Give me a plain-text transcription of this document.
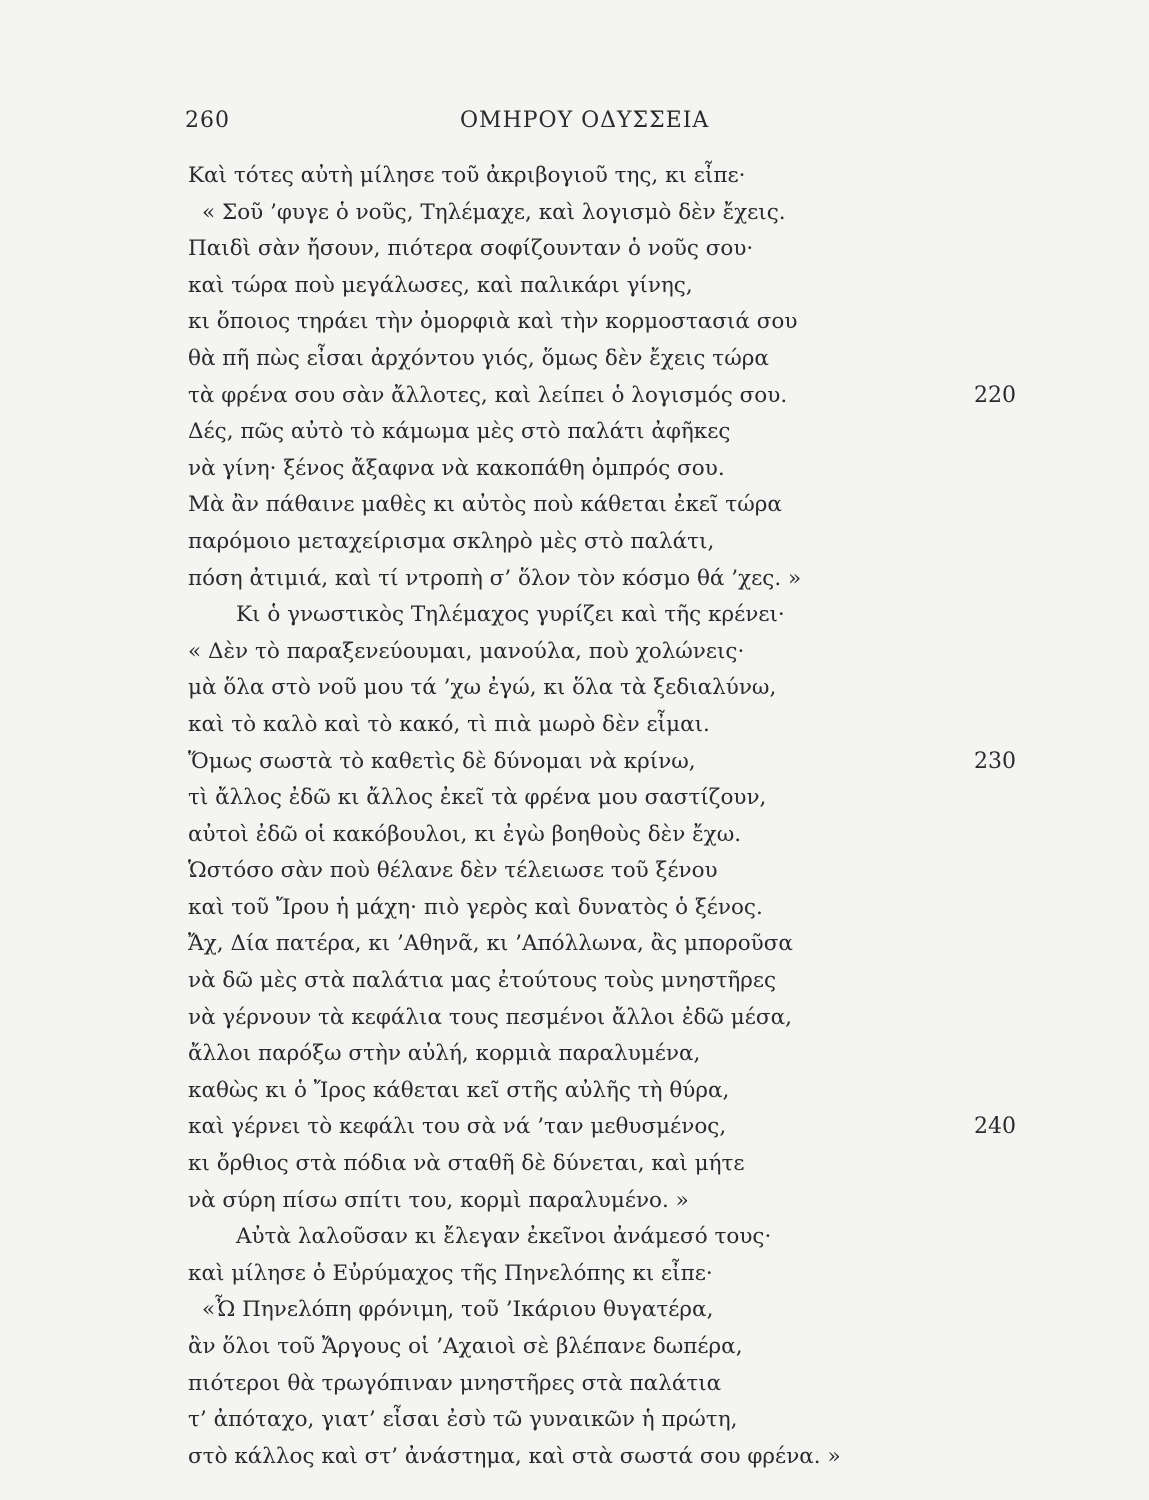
260	ΟΜΗΡΟΥ ΟΔΥΣΣΕΙΑ
Καὶ τότες αὐτὴ μίλησε τοῦ ἀκριβογιοῦ της, κι εἶπε·
« Σοῦ ’φυγε ὁ νοῦς, Τηλέμαχε, καὶ λογισμὸ δὲν ἔχεις.
Παιδὶ σὰν ἤσουν, πιότερα σοφίζουνταν ὁ νοῦς σου·
καὶ τώρα ποὺ μεγάλωσες, καὶ παλικάρι γίνης,
κι ὅποιος τηράει τὴν ὀμορφιὰ καὶ τὴν κορμοστασιά σου
θὰ πῆ πὼς εἶσαι ἀρχόντου γιός, ὅμως δὲν ἔχεις τώρα
τὰ φρένα σου σὰν ἄλλοτες, καὶ λείπει ὁ λογισμός σου.	220
Δές, πῶς αὐτὸ τὸ κάμωμα μὲς στὸ παλάτι ἀφῆκες
νὰ γίνη· ξένος ἄξαφνα νὰ κακοπάθη ὀμπρός σου.
Μὰ ἂν πάθαινε μαθὲς κι αὐτὸς ποὺ κάθεται ἐκεῖ τώρα
παρόμοιο μεταχείρισμα σκληρὸ μὲς στὸ παλάτι,
πόση ἀτιμιά, καὶ τί ντροπὴ σ’ ὅλον τὸν κόσμο θά ’χες. »
Κι ὁ γνωστικὸς Τηλέμαχος γυρίζει καὶ τῆς κρένει·
« Δὲν τὸ παραξενεύουμαι, μανούλα, ποὺ χολώνεις·
μὰ ὅλα στὸ νοῦ μου τά ’χω ἐγώ, κι ὅλα τὰ ξεδιαλύνω,
καὶ τὸ καλὸ καὶ τὸ κακό, τὶ πιὰ μωρὸ δὲν εἶμαι.
Ὅμως σωστὰ τὸ καθετὶς δὲ δύνομαι νὰ κρίνω,	230
τὶ ἄλλος ἐδῶ κι ἄλλος ἐκεῖ τὰ φρένα μου σαστίζουν,
αὐτοὶ ἐδῶ οἱ κακόβουλοι, κι ἐγὼ βοηθοὺς δὲν ἔχω.
Ὡστόσο σὰν ποὺ θέλανε δὲν τέλειωσε τοῦ ξένου
καὶ τοῦ Ἴρου ἡ μάχη· πιὸ γερὸς καὶ δυνατὸς ὁ ξένος.
Ἄχ, Δία πατέρα, κι ’Αθηνᾶ, κι ’Απόλλωνα, ἂς μποροῦσα
νὰ δῶ μὲς στὰ παλάτια μας ἐτούτους τοὺς μνηστῆρες
νὰ γέρνουν τὰ κεφάλια τους πεσμένοι ἄλλοι ἐδῶ μέσα,
ἄλλοι παρόξω στὴν αὐλή, κορμιὰ παραλυμένα,
καθὼς κι ὁ Ἴρος κάθεται κεῖ στῆς αὐλῆς τὴ θύρα,
καὶ γέρνει τὸ κεφάλι του σὰ νά ’ταν μεθυσμένος,	240
κι ὄρθιος στὰ πόδια νὰ σταθῆ δὲ δύνεται, καὶ μήτε
νὰ σύρη πίσω σπίτι του, κορμὶ παραλυμένο. »
Αὐτὰ λαλοῦσαν κι ἔλεγαν ἐκεῖνοι ἀνάμεσό τους·
καὶ μίλησε ὁ Εὐρύμαχος τῆς Πηνελόπης κι εἶπε·
«Ὦ Πηνελόπη φρόνιμη, τοῦ ’Ικάριου θυγατέρα,
ἂν ὅλοι τοῦ Ἄργους οἱ ’Αχαιοὶ σὲ βλέπανε δωπέρα,
πιότεροι θὰ τρωγόπιναν μνηστῆρες στὰ παλάτια
τ’ ἀπόταχο, γιατ’ εἶσαι ἐσὺ τῶ γυναικῶν ἡ πρώτη,
στὸ κάλλος καὶ στ’ ἀνάστημα, καὶ στὰ σωστά σου φρένα. »
